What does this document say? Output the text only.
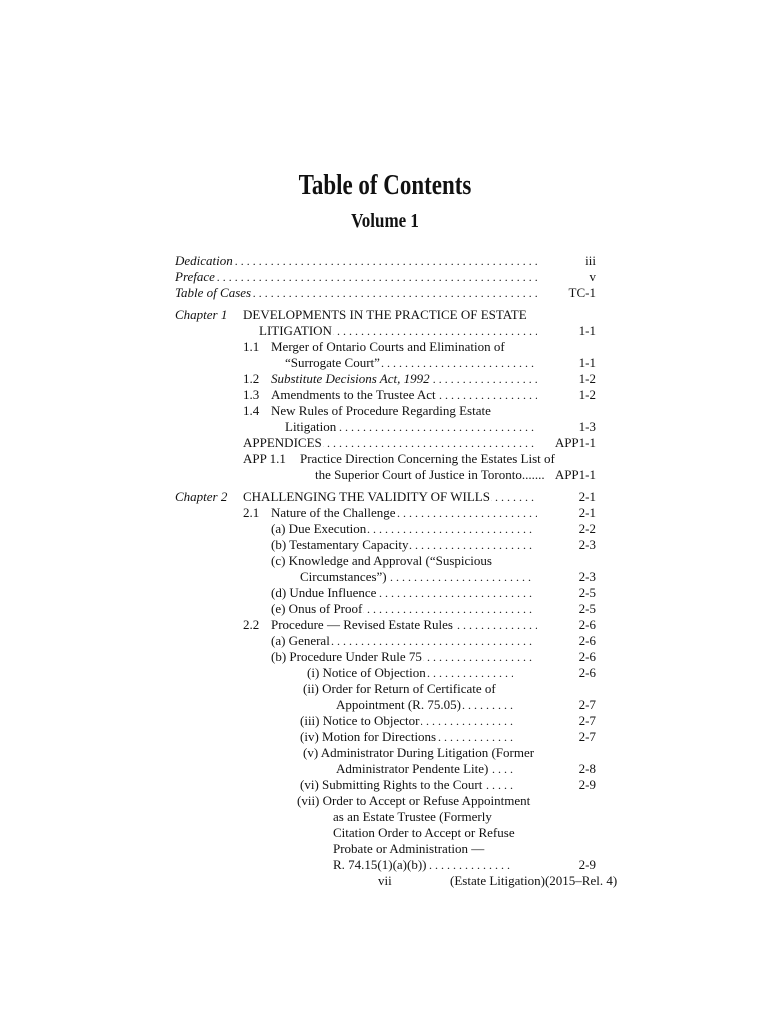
Table of Contents
Volume 1
Dedication . . .	iii
Preface . . .	v
Table of Cases . . .	TC-1
Chapter 1 DEVELOPMENTS IN THE PRACTICE OF ESTATE
LITIGATION . . .	1-1
1.1 Merger of Ontario Courts and Elimination of
“Surrogate Court” . . .	1-1
1.2 Substitute Decisions Act, 1992 . . .	1-2
1.3 Amendments to the Trustee Act . . .	1-2
1.4 New Rules of Procedure Regarding Estate
Litigation . . .	1-3
APPENDICES . . .	APP1-1
APP 1.1 Practice Direction Concerning the Estates List of
the Superior Court of Justice in Toronto....... APP1-1
Chapter 2 CHALLENGING THE VALIDITY OF WILLS . . .	2-1
2.1 Nature of the Challenge . . .	2-1
(a) Due Execution . . .	2-2
(b) Testamentary Capacity . . .	2-3
(c) Knowledge and Approval (“Suspicious
Circumstances”) . . .	2-3
(d) Undue Influence . . .	2-5
(e) Onus of Proof . . .	2-5
2.2 Procedure — Revised Estate Rules . . .	2-6
(a) General . . .	2-6
(b) Procedure Under Rule 75 . . .	2-6
(i) Notice of Objection . . .	2-6
(ii) Order for Return of Certificate of
Appointment (R. 75.05) . . .	2-7
(iii) Notice to Objector . . .	2-7
(iv) Motion for Directions . . .	2-7
(v) Administrator During Litigation (Former
Administrator Pendente Lite) . . .	2-8
(vi) Submitting Rights to the Court . . .	2-9
(vii) Order to Accept or Refuse Appointment
as an Estate Trustee (Formerly
Citation Order to Accept or Refuse
Probate or Administration —
R. 74.15(1)(a)(b)) . . .	2-9
vii	(Estate Litigation)(2015–Rel. 4)
